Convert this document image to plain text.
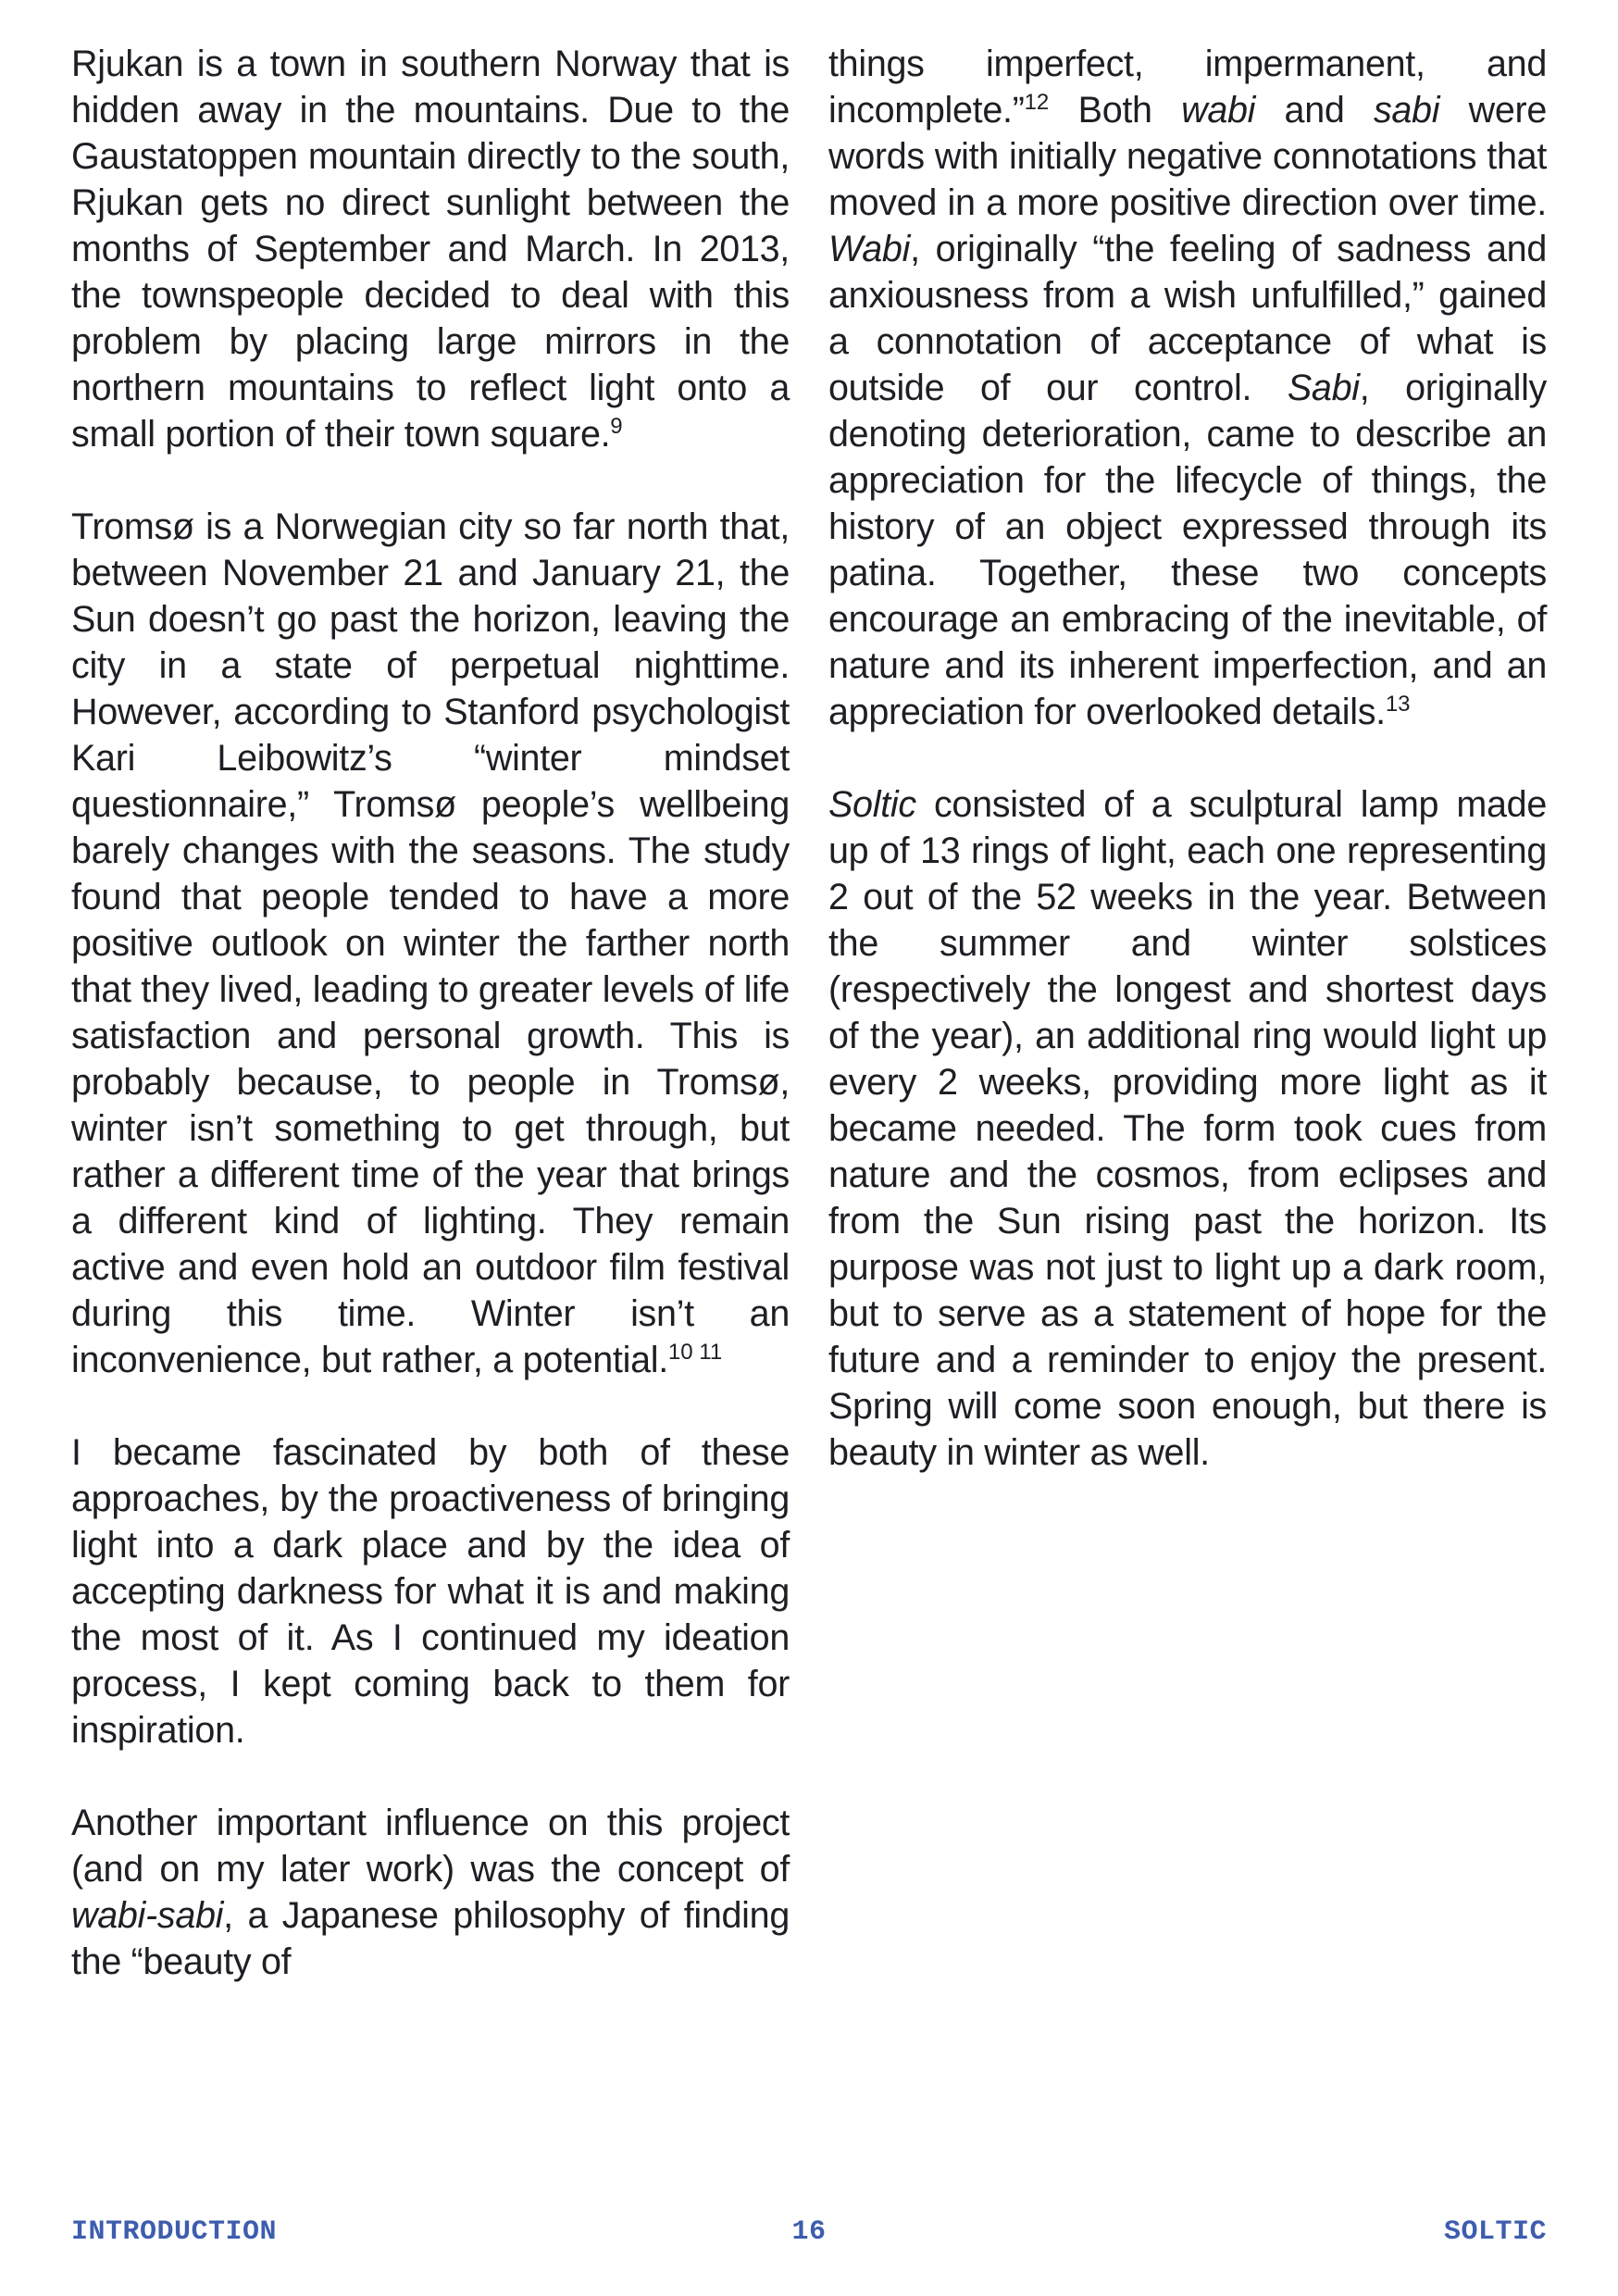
Rjukan is a town in southern Norway that is hidden away in the mountains. Due to the Gaustatoppen mountain directly to the south, Rjukan gets no direct sunlight between the months of September and March. In 2013, the townspeople decided to deal with this problem by placing large mirrors in the northern mountains to reflect light onto a small portion of their town square.$^9$

Tromsø is a Norwegian city so far north that, between November 21 and January 21, the Sun doesn’t go past the horizon, leaving the city in a state of perpetual nighttime. However, according to Stanford psychologist Kari Leibowitz’s “winter mindset questionnaire,” Tromsø people’s wellbeing barely changes with the seasons. The study found that people tended to have a more positive outlook on winter the farther north that they lived, leading to greater levels of life satisfaction and personal growth. This is probably because, to people in Tromsø, winter isn’t something to get through, but rather a different time of the year that brings a different kind of lighting. They remain active and even hold an outdoor film festival during this time. Winter isn’t an inconvenience, but rather, a potential.$^{10 11}$

I became fascinated by both of these approaches, by the proactiveness of bringing light into a dark place and by the idea of accepting darkness for what it is and making the most of it. As I continued my ideation process, I kept coming back to them for inspiration.

Another important influence on this project (and on my later work) was the concept of wabi-sabi, a Japanese philosophy of finding the “beauty of

things imperfect, impermanent, and incomplete.”$^{12}$ Both wabi and sabi were words with initially negative connotations that moved in a more positive direction over time. Wabi, originally “the feeling of sadness and anxiousness from a wish unfulfilled,” gained a connotation of acceptance of what is outside of our control. Sabi, originally denoting deterioration, came to describe an appreciation for the lifecycle of things, the history of an object expressed through its patina. Together, these two concepts encourage an embracing of the inevitable, of nature and its inherent imperfection, and an appreciation for overlooked details.$^{13}$

Soltic consisted of a sculptural lamp made up of 13 rings of light, each one representing 2 out of the 52 weeks in the year. Between the summer and winter solstices (respectively the longest and shortest days of the year), an additional ring would light up every 2 weeks, providing more light as it became needed. The form took cues from nature and the cosmos, from eclipses and from the Sun rising past the horizon. Its purpose was not just to light up a dark room, but to serve as a statement of hope for the future and a reminder to enjoy the present. Spring will come soon enough, but there is beauty in winter as well.

INTRODUCTION	16	SOLTIC
